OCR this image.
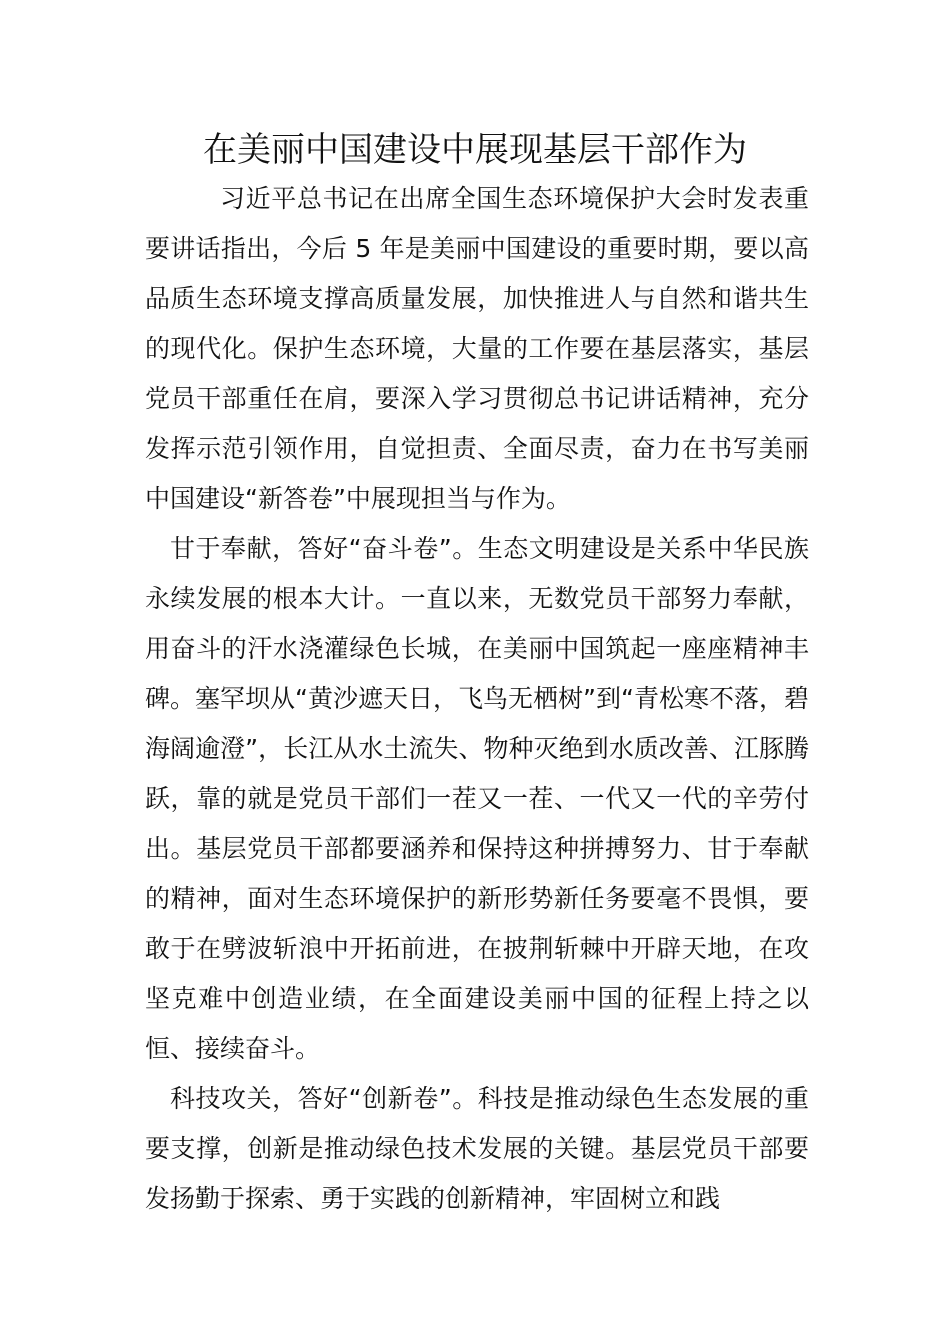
在美丽中国建设中展现基层干部作为

习近平总书记在出席全国生态环境保护大会时发表重要讲话指出，今后 5 年是美丽中国建设的重要时期，要以高品质生态环境支撑高质量发展，加快推进人与自然和谐共生的现代化。保护生态环境，大量的工作要在基层落实，基层党员干部重任在肩，要深入学习贯彻总书记讲话精神，充分发挥示范引领作用，自觉担责、全面尽责，奋力在书写美丽中国建设“新答卷”中展现担当与作为。

甘于奉献，答好“奋斗卷”。生态文明建设是关系中华民族永续发展的根本大计。一直以来，无数党员干部努力奉献，用奋斗的汗水浇灌绿色长城，在美丽中国筑起一座座精神丰碑。塞罕坝从“黄沙遮天日，飞鸟无栖树”到“青松寒不落，碧海阔逾澄”，长江从水土流失、物种灭绝到水质改善、江豚腾跃，靠的就是党员干部们一茬又一茬、一代又一代的辛劳付出。基层党员干部都要涵养和保持这种拼搏努力、甘于奉献的精神，面对生态环境保护的新形势新任务要毫不畏惧，要敢于在劈波斩浪中开拓前进，在披荆斩棘中开辟天地，在攻坚克难中创造业绩，在全面建设美丽中国的征程上持之以恒、接续奋斗。

科技攻关，答好“创新卷”。科技是推动绿色生态发展的重要支撑，创新是推动绿色技术发展的关键。基层党员干部要发扬勤于探索、勇于实践的创新精神，牢固树立和践
